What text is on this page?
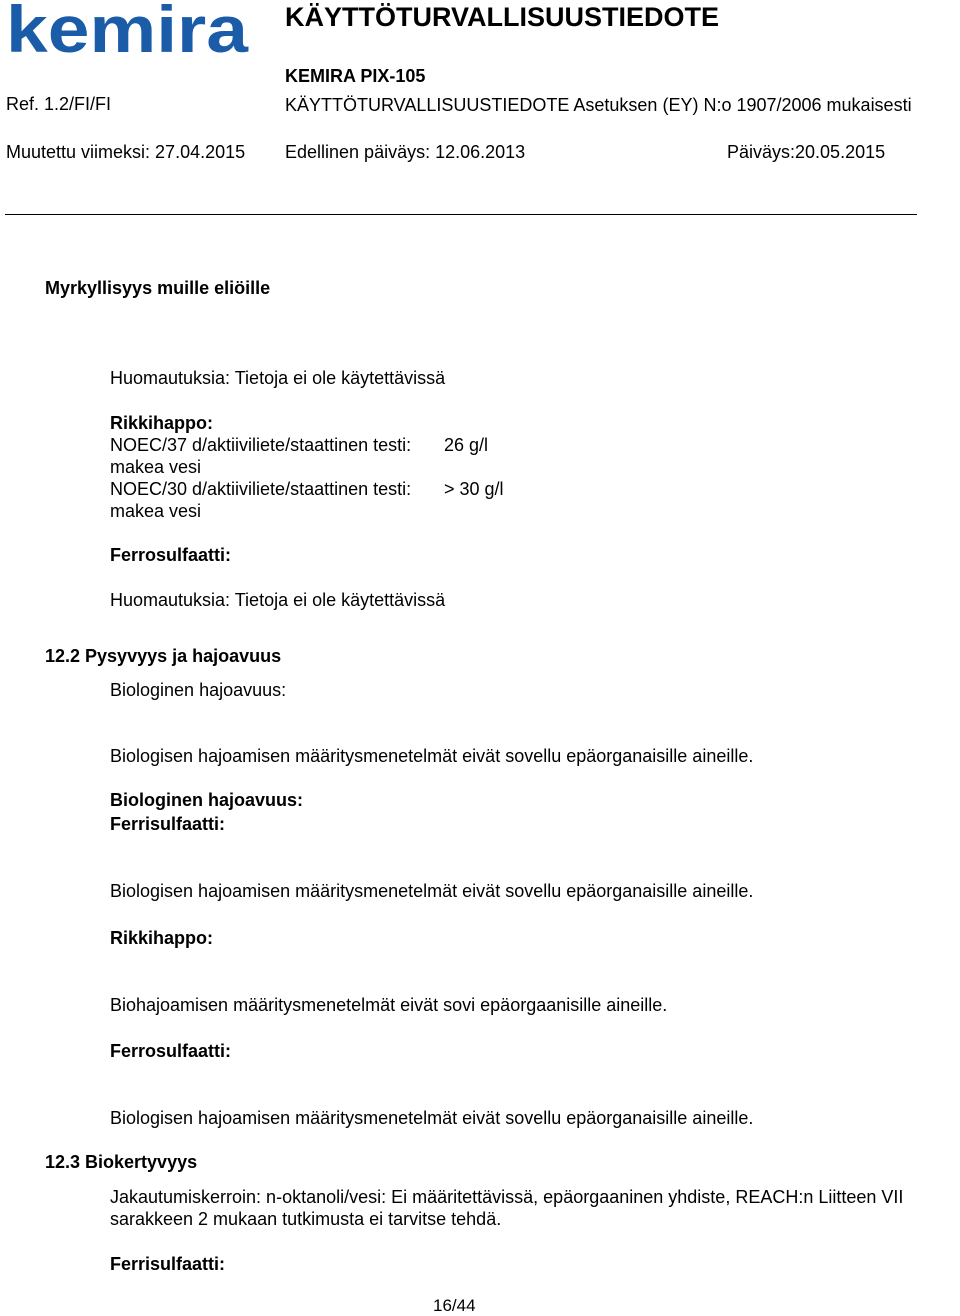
kemira KÄYTTÖTURVALLISUUSTIEDOTE
KEMIRA PIX-105
Ref. 1.2/FI/FI	KÄYTTÖTURVALLISUUSTIEDOTE Asetuksen (EY) N:o 1907/2006 mukaisesti
Muutettu viimeksi: 27.04.2015 Edellinen päiväys: 12.06.2013	Päiväys:20.05.2015
Myrkyllisyys muille eliöille
Huomautuksia: Tietoja ei ole käytettävissä
Rikkihappo:
NOEC/37 d/aktiiviliete/staattinen testi: 26 g/l
makea vesi
NOEC/30 d/aktiiviliete/staattinen testi: > 30 g/l
makea vesi
Ferrosulfaatti:
Huomautuksia: Tietoja ei ole käytettävissä
12.2 Pysyvyys ja hajoavuus
Biologinen hajoavuus:
Biologisen hajoamisen määritysmenetelmät eivät sovellu epäorganaisille aineille.
Biologinen hajoavuus:
Ferrisulfaatti:
Biologisen hajoamisen määritysmenetelmät eivät sovellu epäorganaisille aineille.
Rikkihappo:
Biohajoamisen määritysmenetelmät eivät sovi epäorgaanisille aineille.
Ferrosulfaatti:
Biologisen hajoamisen määritysmenetelmät eivät sovellu epäorganaisille aineille.
12.3 Biokertyvyys
Jakautumiskerroin: n-oktanoli/vesi: Ei määritettävissä, epäorgaaninen yhdiste, REACH:n Liitteen VII sarakkeen 2 mukaan tutkimusta ei tarvitse tehdä.
Ferrisulfaatti:
16/44
